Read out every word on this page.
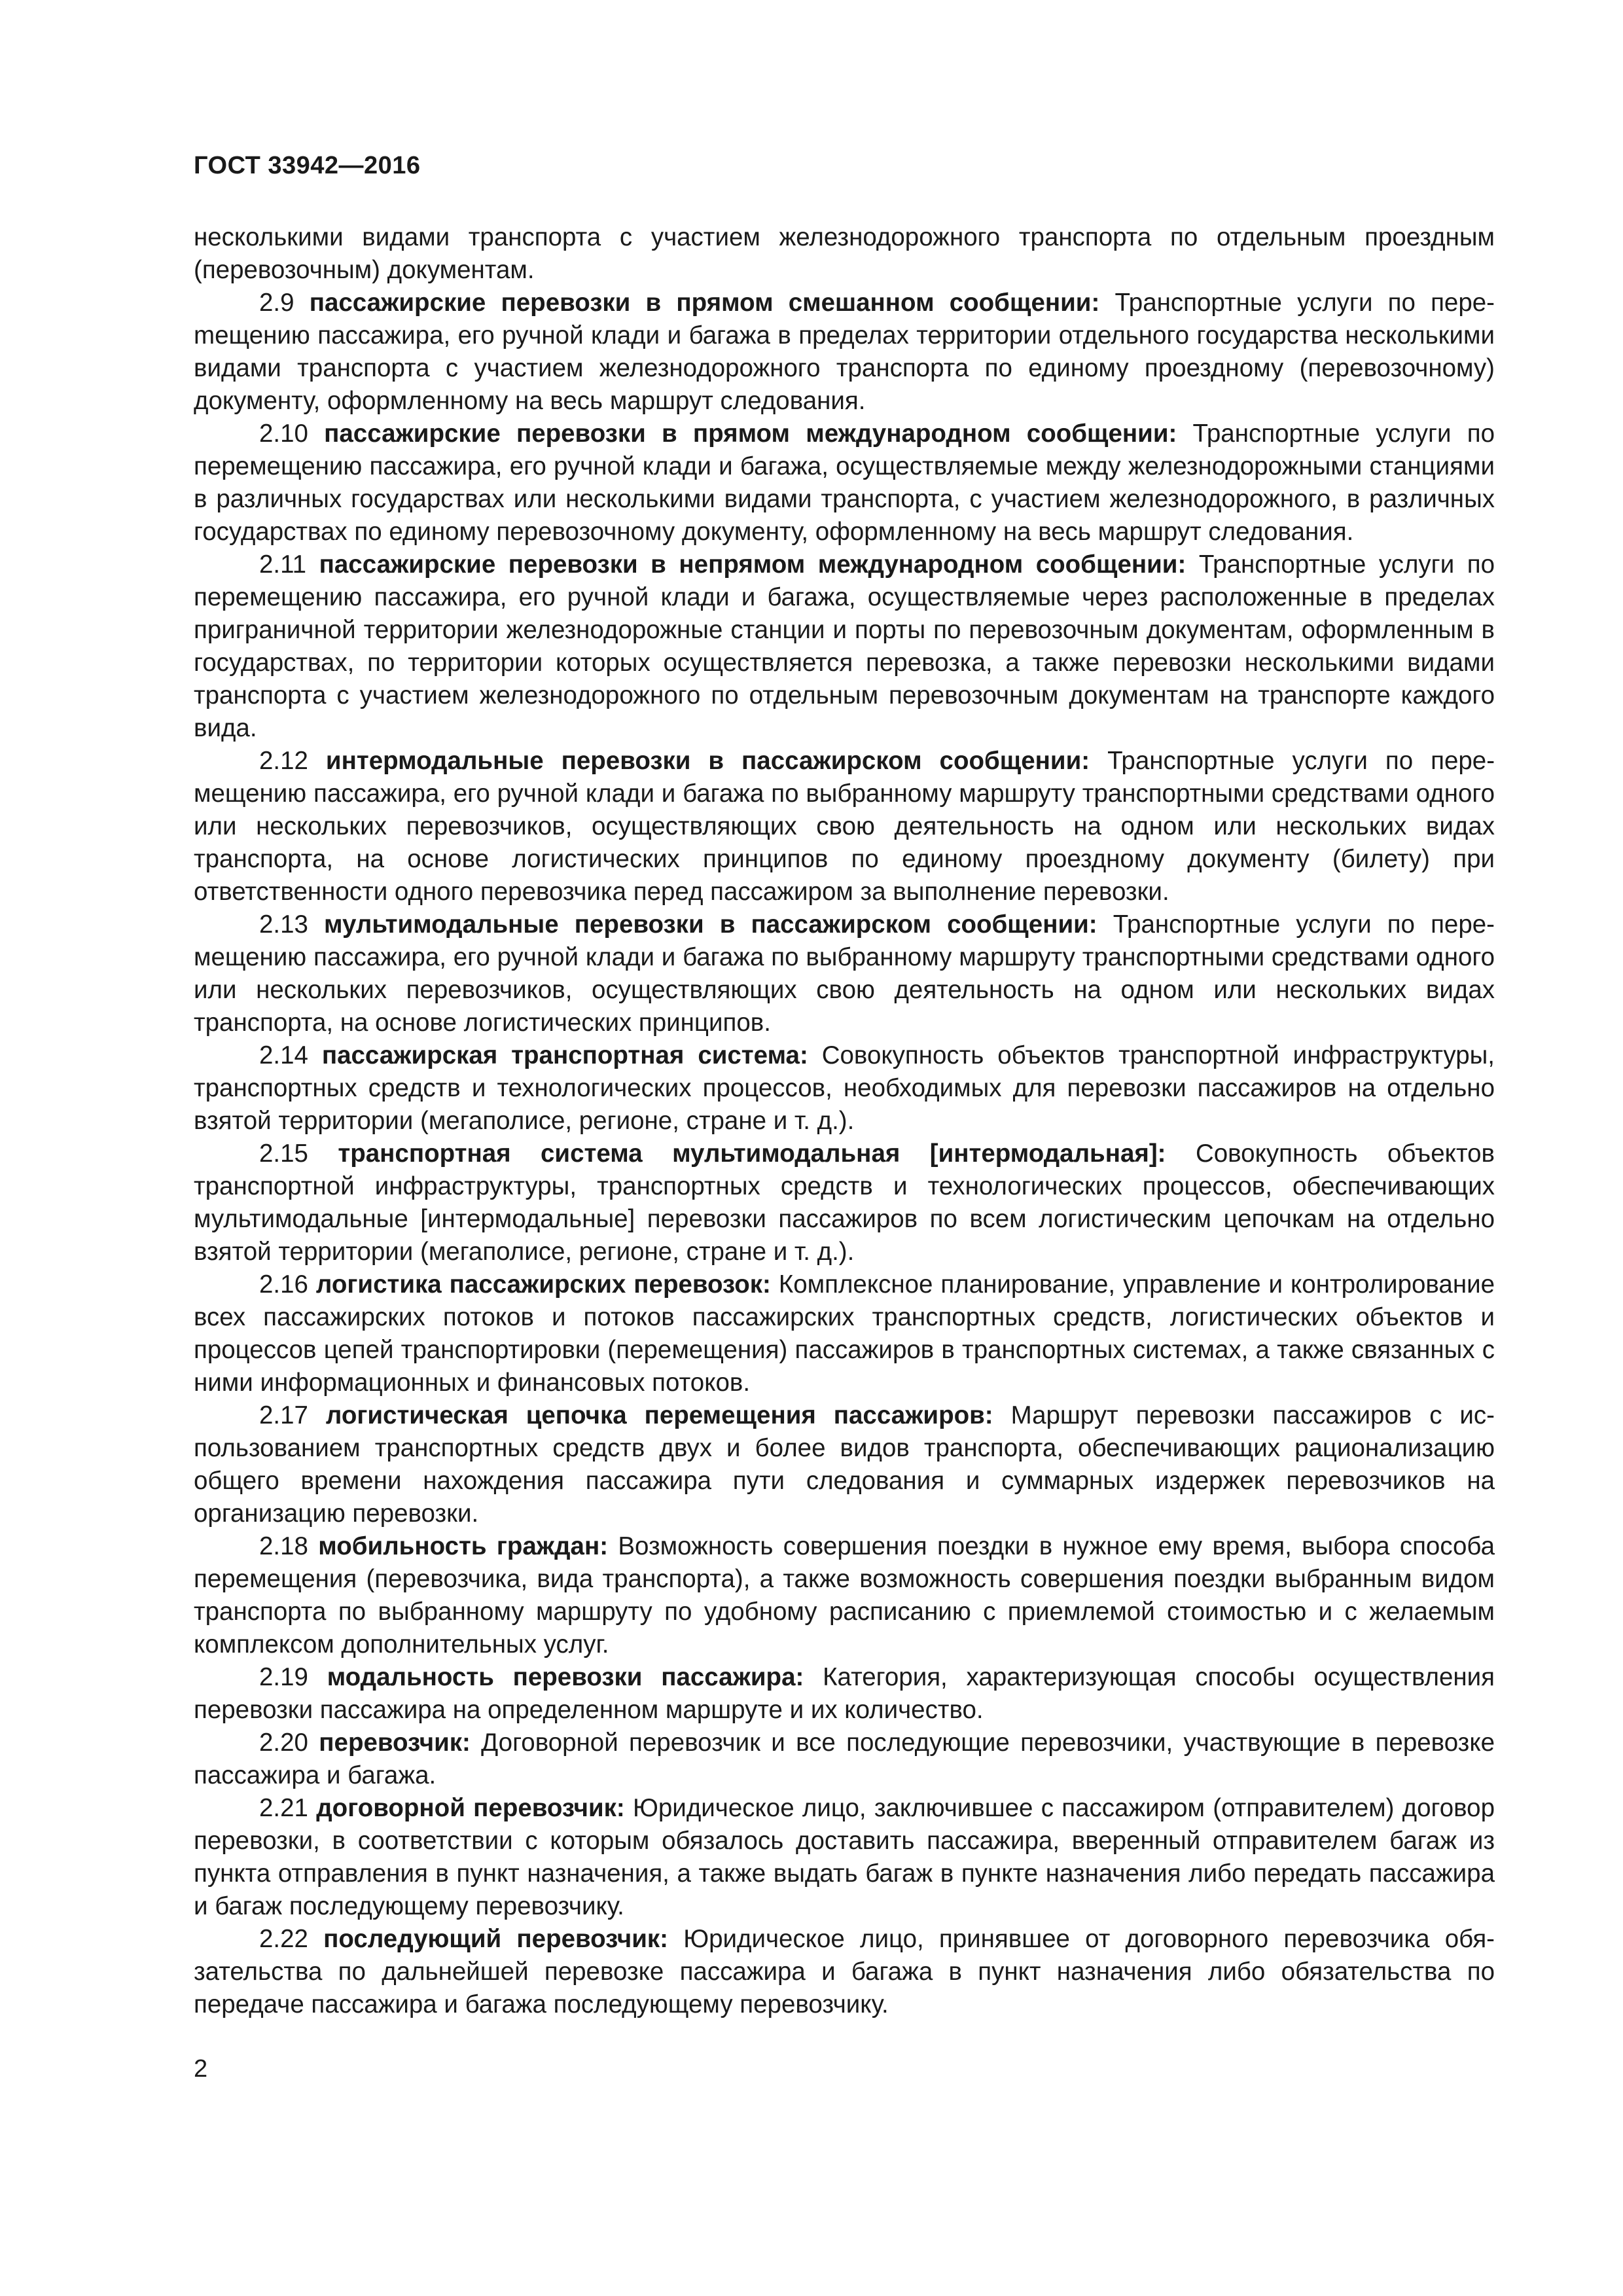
ГОСТ 33942—2016

несколькими видами транспорта с участием железнодорожного транспорта по отдельным проездным (перевозочным) документам.

2.9 пассажирские перевозки в прямом смешанном сообщении: Транспортные услуги по переmещению пассажира, его ручной клади и багажа в пределах территории отдельного государства несколькими видами транспорта с участием железнодорожного транспорта по единому проездному (перевозочному) документу, оформленному на весь маршрут следования.

2.10 пассажирские перевозки в прямом международном сообщении: Транспортные услуги по перемещению пассажира, его ручной клади и багажа, осуществляемые между железнодорожными станциями в различных государствах или несколькими видами транспорта, с участием железнодорожного, в различных государствах по единому перевозочному документу, оформленному на весь маршрут следования.

2.11 пассажирские перевозки в непрямом международном сообщении: Транспортные услуги по перемещению пассажира, его ручной клади и багажа, осуществляемые через расположенные в пределах приграничной территории железнодорожные станции и порты по перевозочным документам, оформленным в государствах, по территории которых осуществляется перевозка, а также перевозки несколькими видами транспорта с участием железнодорожного по отдельным перевозочным документам на транспорте каждого вида.

2.12 интермодальные перевозки в пассажирском сообщении: Транспортные услуги по перемещению пассажира, его ручной клади и багажа по выбранному маршруту транспортными средствами одного или нескольких перевозчиков, осуществляющих свою деятельность на одном или нескольких видах транспорта, на основе логистических принципов по единому проездному документу (билету) при ответственности одного перевозчика перед пассажиром за выполнение перевозки.

2.13 мультимодальные перевозки в пассажирском сообщении: Транспортные услуги по перемещению пассажира, его ручной клади и багажа по выбранному маршруту транспортными средствами одного или нескольких перевозчиков, осуществляющих свою деятельность на одном или нескольких видах транспорта, на основе логистических принципов.

2.14 пассажирская транспортная система: Совокупность объектов транспортной инфраструктуры, транспортных средств и технологических процессов, необходимых для перевозки пассажиров на отдельно взятой территории (мегаполисе, регионе, стране и т. д.).

2.15 транспортная система мультимодальная [интермодальная]: Совокупность объектов транспортной инфраструктуры, транспортных средств и технологических процессов, обеспечивающих мультимодальные [интермодальные] перевозки пассажиров по всем логистическим цепочкам на отдельно взятой территории (мегаполисе, регионе, стране и т. д.).

2.16 логистика пассажирских перевозок: Комплексное планирование, управление и контролирование всех пассажирских потоков и потоков пассажирских транспортных средств, логистических объектов и процессов цепей транспортировки (перемещения) пассажиров в транспортных системах, а также связанных с ними информационных и финансовых потоков.

2.17 логистическая цепочка перемещения пассажиров: Маршрут перевозки пассажиров с использованием транспортных средств двух и более видов транспорта, обеспечивающих рационализацию общего времени нахождения пассажира пути следования и суммарных издержек перевозчиков на организацию перевозки.

2.18 мобильность граждан: Возможность совершения поездки в нужное ему время, выбора способа перемещения (перевозчика, вида транспорта), а также возможность совершения поездки выбранным видом транспорта по выбранному маршруту по удобному расписанию с приемлемой стоимостью и с желаемым комплексом дополнительных услуг.

2.19 модальность перевозки пассажира: Категория, характеризующая способы осуществления перевозки пассажира на определенном маршруте и их количество.

2.20 перевозчик: Договорной перевозчик и все последующие перевозчики, участвующие в перевозке пассажира и багажа.

2.21 договорной перевозчик: Юридическое лицо, заключившее с пассажиром (отправителем) договор перевозки, в соответствии с которым обязалось доставить пассажира, вверенный отправителем багаж из пункта отправления в пункт назначения, а также выдать багаж в пункте назначения либо передать пассажира и багаж последующему перевозчику.

2.22 последующий перевозчик: Юридическое лицо, принявшее от договорного перевозчика обязательства по дальнейшей перевозке пассажира и багажа в пункт назначения либо обязательства по передаче пассажира и багажа последующему перевозчику.

2
